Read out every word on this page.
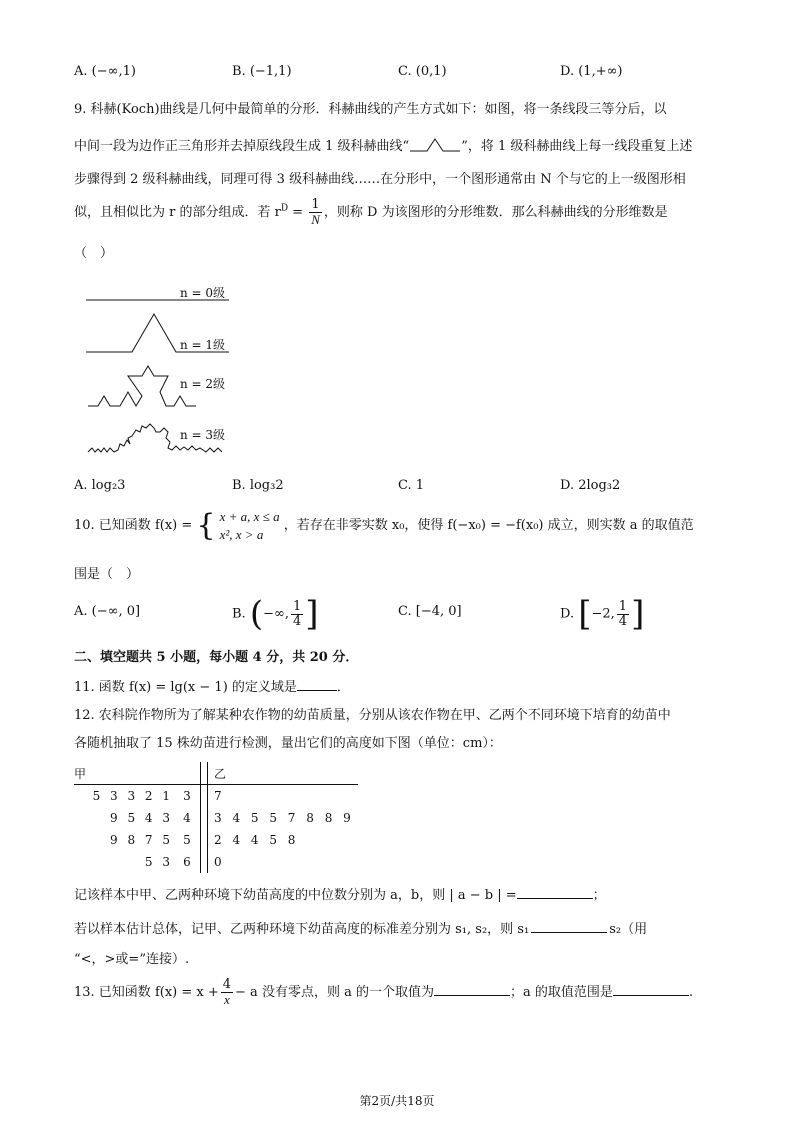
A. (−∞,1)	B. (−1,1)	C. (0,1)	D. (1,+∞)
9. 科赫(Koch)曲线是几何中最简单的分形．科赫曲线的产生方式如下：如图，将一条线段三等分后，以
中间一段为边作正三角形并去掉原线段生成 1 级科赫曲线“	”，将 1 级科赫曲线上每一线段重复上述
步骤得到 2 级科赫曲线，同理可得 3 级科赫曲线……在分形中，一个图形通常由 N 个与它的上一级图形相
似，且相似比为 r 的部分组成．若 $r^D = \frac{1}{N}$ ，则称 D 为该图形的分形维数．那么科赫曲线的分形维数是
（　）
n = 0级
n = 1级
n = 2级
n = 3级
A. log₂3	B. log₃2	C. 1	D. 2log₃2
10. 已知函数 f(x) = { x + a, x ≤ a
x², x > a
，若存在非零实数 x₀，使得 f(−x₀) = −f(x₀) 成立，则实数 a 的取值范
围是（　）
A. (−∞, 0]	B. (−∞, $\frac{1}{4}$ ]	C. [−4, 0]	D. [−2, $\frac{1}{4}$ ]
二、填空题共 5 小题，每小题 4 分，共 20 分．
11. 函数 f(x) = lg(x − 1) 的定义域是	．
12. 农科院作物所为了解某种农作物的幼苗质量，分别从该农作物在甲、乙两个不同环境下培育的幼苗中
各随机抽取了 15 株幼苗进行检测，量出它们的高度如下图（单位：cm）：
甲			乙
5 3 3 2 1	3		7
9 5 4 3	4		3 4 5 5 7 8 8 9
9 8 7 5	5		2 4 4 5 8
5 3	6		0
记该样本中甲、乙两种环境下幼苗高度的中位数分别为 a，b，则 | a − b | =	；
若以样本估计总体，记甲、乙两种环境下幼苗高度的标准差分别为 s₁, s₂，则 s₁	s₂（用
“<，>或=”连接）.
13. 已知函数 $f(x) = x + \frac{4}{x} - a$ 没有零点，则 a 的一个取值为	；a 的取值范围是	.
第2页/共18页
